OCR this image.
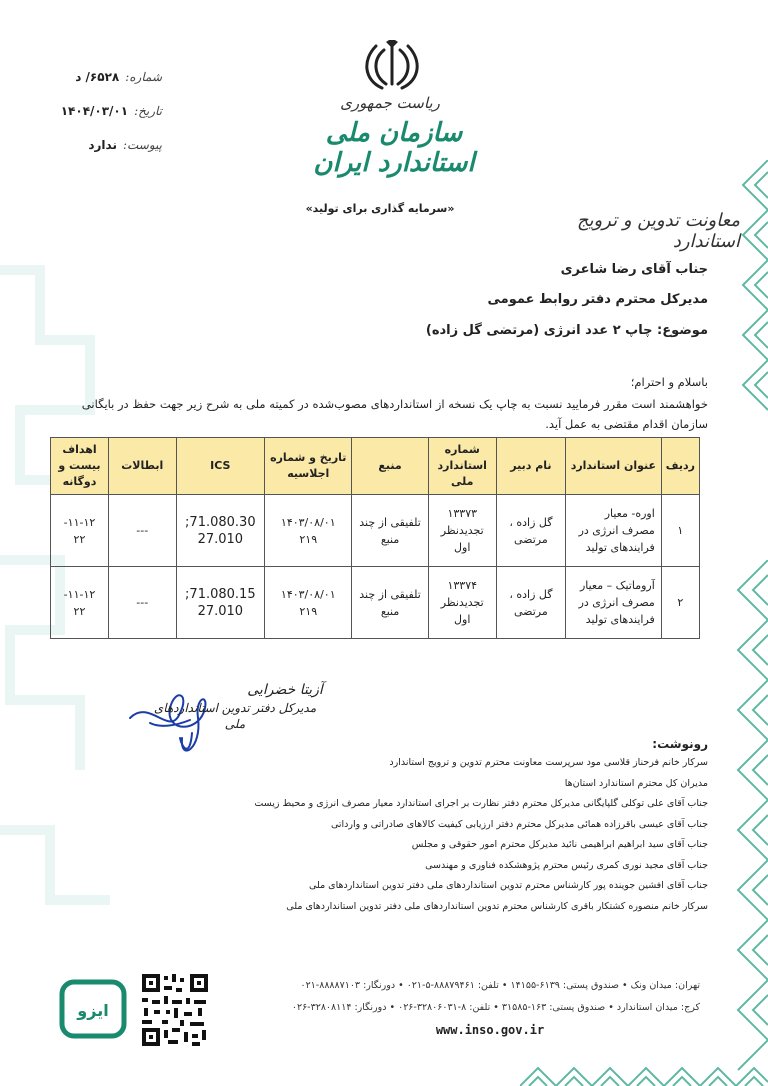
ریاست جمهوری
سازمان ملی استاندارد ایران
شماره:۶۵۲۸/ د
تاریخ:۱۴۰۴/۰۳/۰۱
پیوست:ندارد
«سرمایه گذاری برای تولید»
معاونت تدوین و ترویج استاندارد
جناب آقای رضا شاعری
مدیرکل محترم دفتر روابط عمومی
موضوع: چاپ ۲ عدد انرژی (مرتضی گل زاده)
باسلام و احترام؛
خواهشمند است مقرر فرمایید نسبت به چاپ یک نسخه از استانداردهای مصوب‌شده در کمیته ملی به شرح زیر جهت حفظ در بایگانی سازمان اقدام مقتضی به عمل آید.
ردیف	عنوان استاندارد	نام دبیر	شماره استاندارد ملی	منبع	تاریخ و شماره اجلاسیه	ICS	ابطالات	اهداف بیست و دوگانه
۱	اوره- معیار مصرف انرژی در فرایندهای تولید	گل زاده ، مرتضی	۱۳۳۷۳ تجدیدنظر اول	تلفیقی از چند منبع	۱۴۰۳/۰۸/۰۱ ۲۱۹	71.080.30; 27.010	---	۱۱-۱۲- ۲۲
۲	آروماتیک – معیار مصرف انرژی در فرایندهای تولید	گل زاده ، مرتضی	۱۳۳۷۴ تجدیدنظر اول	تلفیقی از چند منبع	۱۴۰۳/۰۸/۰۱ ۲۱۹	71.080.15; 27.010	---	۱۱-۱۲- ۲۲
آزیتا خضرایی
مدیرکل دفتر تدوین استانداردهای ملی
رونوشت:
سرکار خانم فرحناز قلاسی مود سرپرست معاونت محترم تدوین و ترویج استاندارد
مدیران کل محترم استاندارد استان‌ها
جناب آقای علی توکلی گلپایگانی مدیرکل محترم دفتر نظارت بر اجرای استاندارد معیار مصرف انرژی و محیط زیست
جناب آقای عیسی باقرزاده همائی مدیرکل محترم دفتر ارزیابی کیفیت کالاهای صادراتی و وارداتی
جناب آقای سید ابراهیم ابراهیمی نائید مدیرکل محترم امور حقوقی و مجلس
جناب آقای مجید نوری کمری رئیس محترم پژوهشکده فناوری و مهندسی
جناب آقای افشین جوینده پور کارشناس محترم تدوین استانداردهای ملی دفتر تدوین استانداردهای ملی
سرکار خانم منصوره کشتکار باقری کارشناس محترم تدوین استانداردهای ملی دفتر تدوین استانداردهای ملی
ایزو
تهران: میدان ونک • صندوق پستی: ۶۱۳۹-۱۴۱۵۵ • تلفن: ۸۸۸۷۹۴۶۱-۵-۰۲۱ • دورنگار: ۸۸۸۸۷۱۰۳-۰۲۱
کرج: میدان استاندارد • صندوق پستی: ۱۶۳-۳۱۵۸۵ • تلفن: ۸-۳۲۸۰۶۰۳۱-۰۲۶ • دورنگار: ۳۲۸۰۸۱۱۴-۰۲۶
www.inso.gov.ir
